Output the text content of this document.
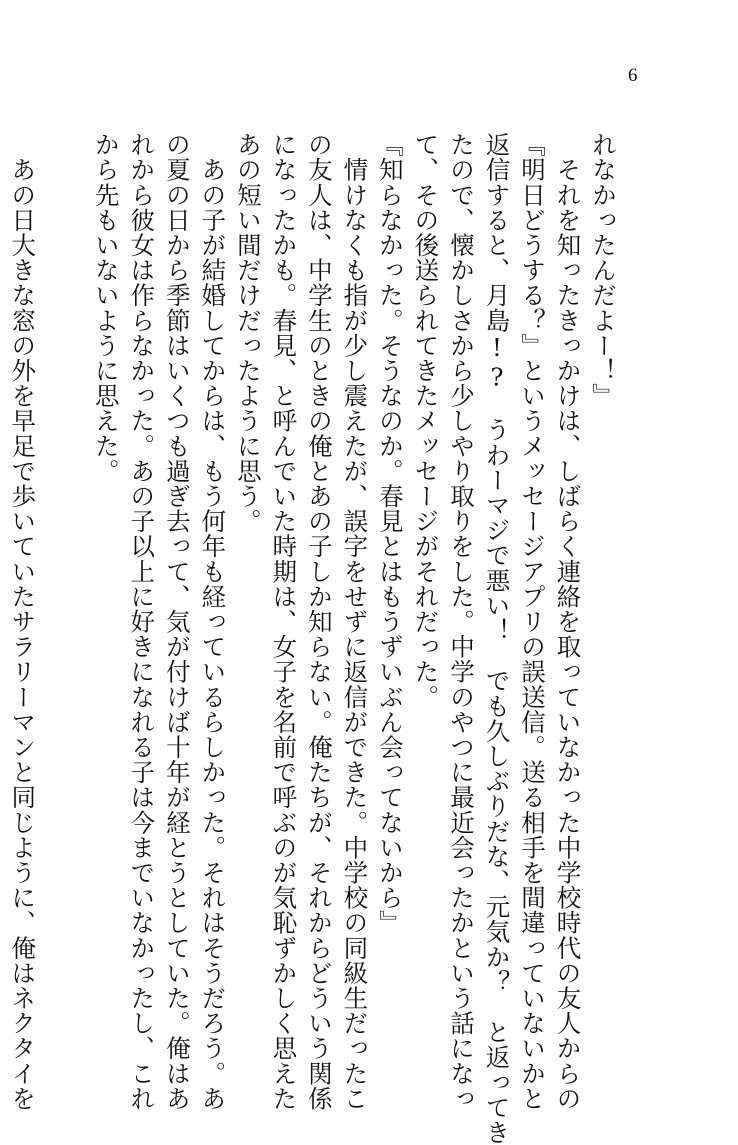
6
れなかったんだよー！』
　それを知ったきっかけは、しばらく連絡を取っていなかった中学校時代の友人からの
『明日どうする？』というメッセージアプリの誤送信。送る相手を間違っていないかと
返信すると、月島!?　うわーマジで悪い！　でも久しぶりだな、元気か？　と返ってき
たので、懐かしさから少しやり取りをした。中学のやつに最近会ったかという話になっ
て、その後送られてきたメッセージがそれだった。
『知らなかった。そうなのか。春見とはもうずいぶん会ってないから』
　情けなくも指が少し震えたが、誤字をせずに返信ができた。中学校の同級生だったこ
の友人は、中学生のときの俺とあの子しか知らない。俺たちが、それからどういう関係
になったかも。春見、と呼んでいた時期は、女子を名前で呼ぶのが気恥ずかしく思えた
あの短い間だけだったように思う。
　あの子が結婚してからは、もう何年も経っているらしかった。それはそうだろう。あ
の夏の日から季節はいくつも過ぎ去って、気が付けば十年が経とうとしていた。俺はあ
れから彼女は作らなかった。あの子以上に好きになれる子は今までいなかったし、これ
から先もいないように思えた。
　あの日大きな窓の外を早足で歩いていたサラリーマンと同じように、俺はネクタイを
